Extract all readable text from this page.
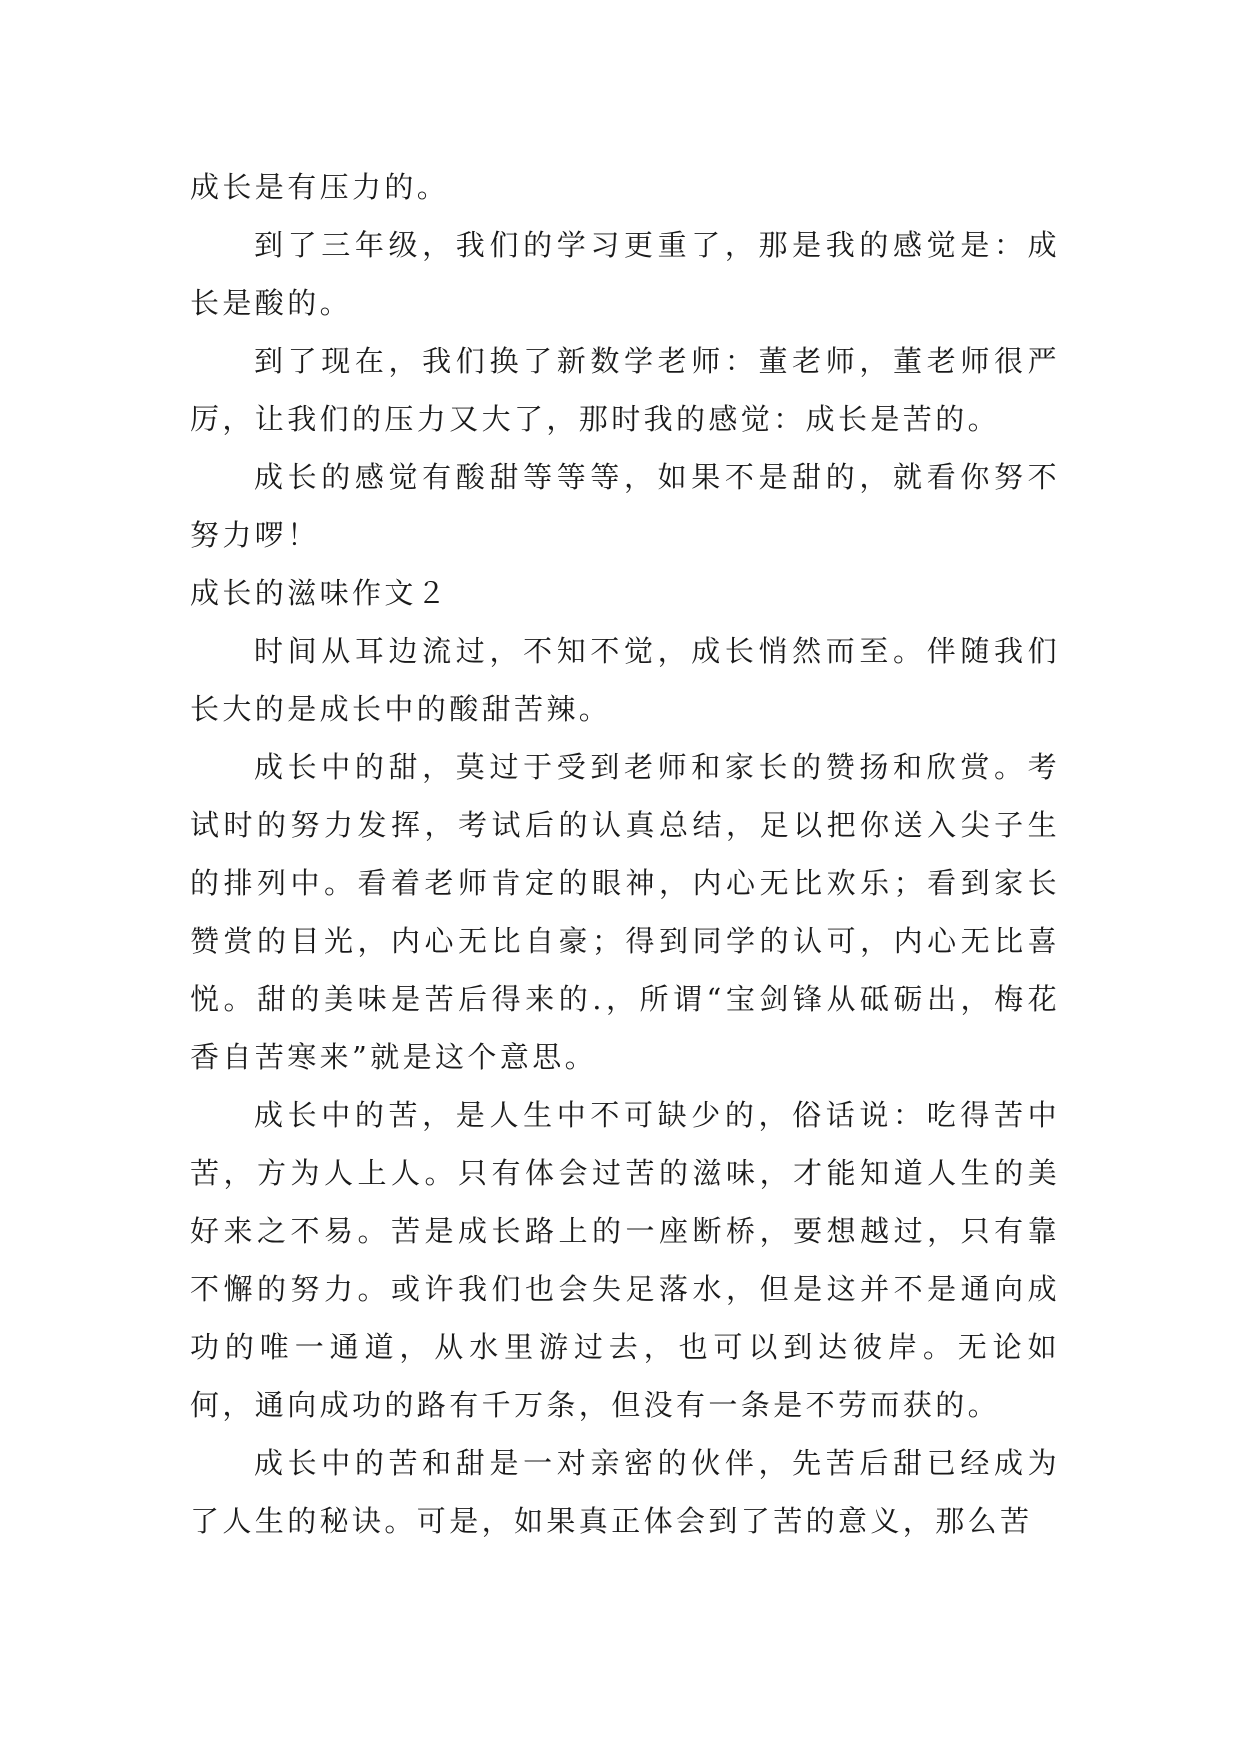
成长是有压力的。

到了三年级，我们的学习更重了，那是我的感觉是：成长是酸的。

到了现在，我们换了新数学老师：董老师，董老师很严厉，让我们的压力又大了，那时我的感觉：成长是苦的。

成长的感觉有酸甜等等等，如果不是甜的，就看你努不努力啰！

成长的滋味作文２

时间从耳边流过，不知不觉，成长悄然而至。伴随我们长大的是成长中的酸甜苦辣。

成长中的甜，莫过于受到老师和家长的赞扬和欣赏。考试时的努力发挥，考试后的认真总结，足以把你送入尖子生的排列中。看着老师肯定的眼神，内心无比欢乐；看到家长赞赏的目光，内心无比自豪；得到同学的认可，内心无比喜悦。甜的美味是苦后得来的.，所谓“宝剑锋从砥砺出，梅花香自苦寒来”就是这个意思。

成长中的苦，是人生中不可缺少的，俗话说：吃得苦中苦，方为人上人。只有体会过苦的滋味，才能知道人生的美好来之不易。苦是成长路上的一座断桥，要想越过，只有靠不懈的努力。或许我们也会失足落水，但是这并不是通向成功的唯一通道，从水里游过去，也可以到达彼岸。无论如何，通向成功的路有千万条，但没有一条是不劳而获的。

成长中的苦和甜是一对亲密的伙伴，先苦后甜已经成为了人生的秘诀。可是，如果真正体会到了苦的意义，那么苦
